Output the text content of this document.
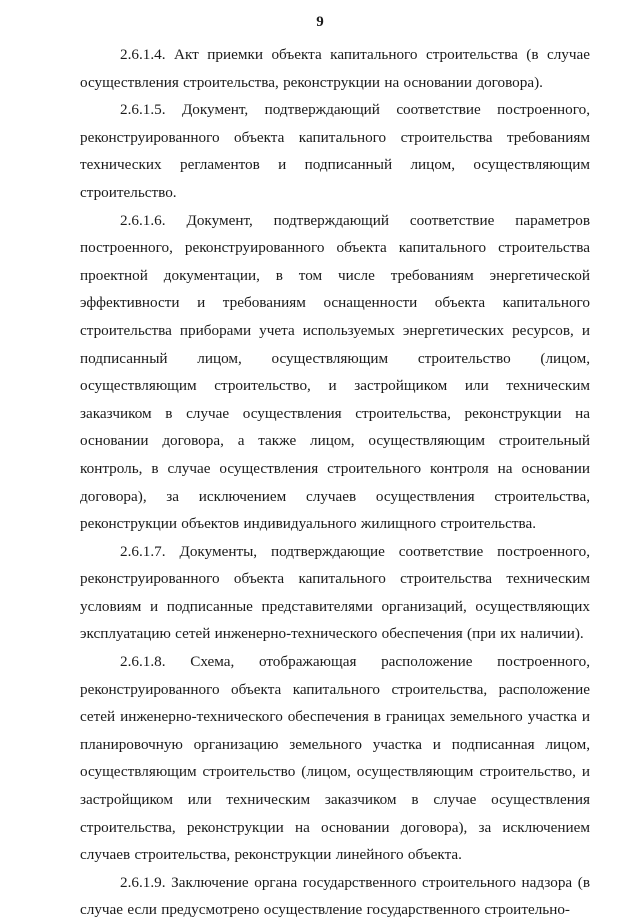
9

2.6.1.4. Акт приемки объекта капитального строительства (в случае осуществления строительства, реконструкции на основании договора).

2.6.1.5. Документ, подтверждающий соответствие построенного, реконструированного объекта капитального строительства требованиям технических регламентов и подписанный лицом, осуществляющим строительство.

2.6.1.6. Документ, подтверждающий соответствие параметров построенного, реконструированного объекта капитального строительства проектной документации, в том числе требованиям энергетической эффективности и требованиям оснащенности объекта капитального строительства приборами учета используемых энергетических ресурсов, и подписанный лицом, осуществляющим строительство (лицом, осуществляющим строительство, и застройщиком или техническим заказчиком в случае осуществления строительства, реконструкции на основании договора, а также лицом, осуществляющим строительный контроль, в случае осуществления строительного контроля на основании договора), за исключением случаев осуществления строительства, реконструкции объектов индивидуального жилищного строительства.

2.6.1.7. Документы, подтверждающие соответствие построенного, реконструированного объекта капитального строительства техническим условиям и подписанные представителями организаций, осуществляющих эксплуатацию сетей инженерно-технического обеспечения (при их наличии).

2.6.1.8. Схема, отображающая расположение построенного, реконструированного объекта капитального строительства, расположение сетей инженерно-технического обеспечения в границах земельного участка и планировочную организацию земельного участка и подписанная лицом, осуществляющим строительство (лицом, осуществляющим строительство, и застройщиком или техническим заказчиком в случае осуществления строительства, реконструкции на основании договора), за исключением случаев строительства, реконструкции линейного объекта.

2.6.1.9. Заключение органа государственного строительного надзора (в случае если предусмотрено осуществление государственного строительно-
